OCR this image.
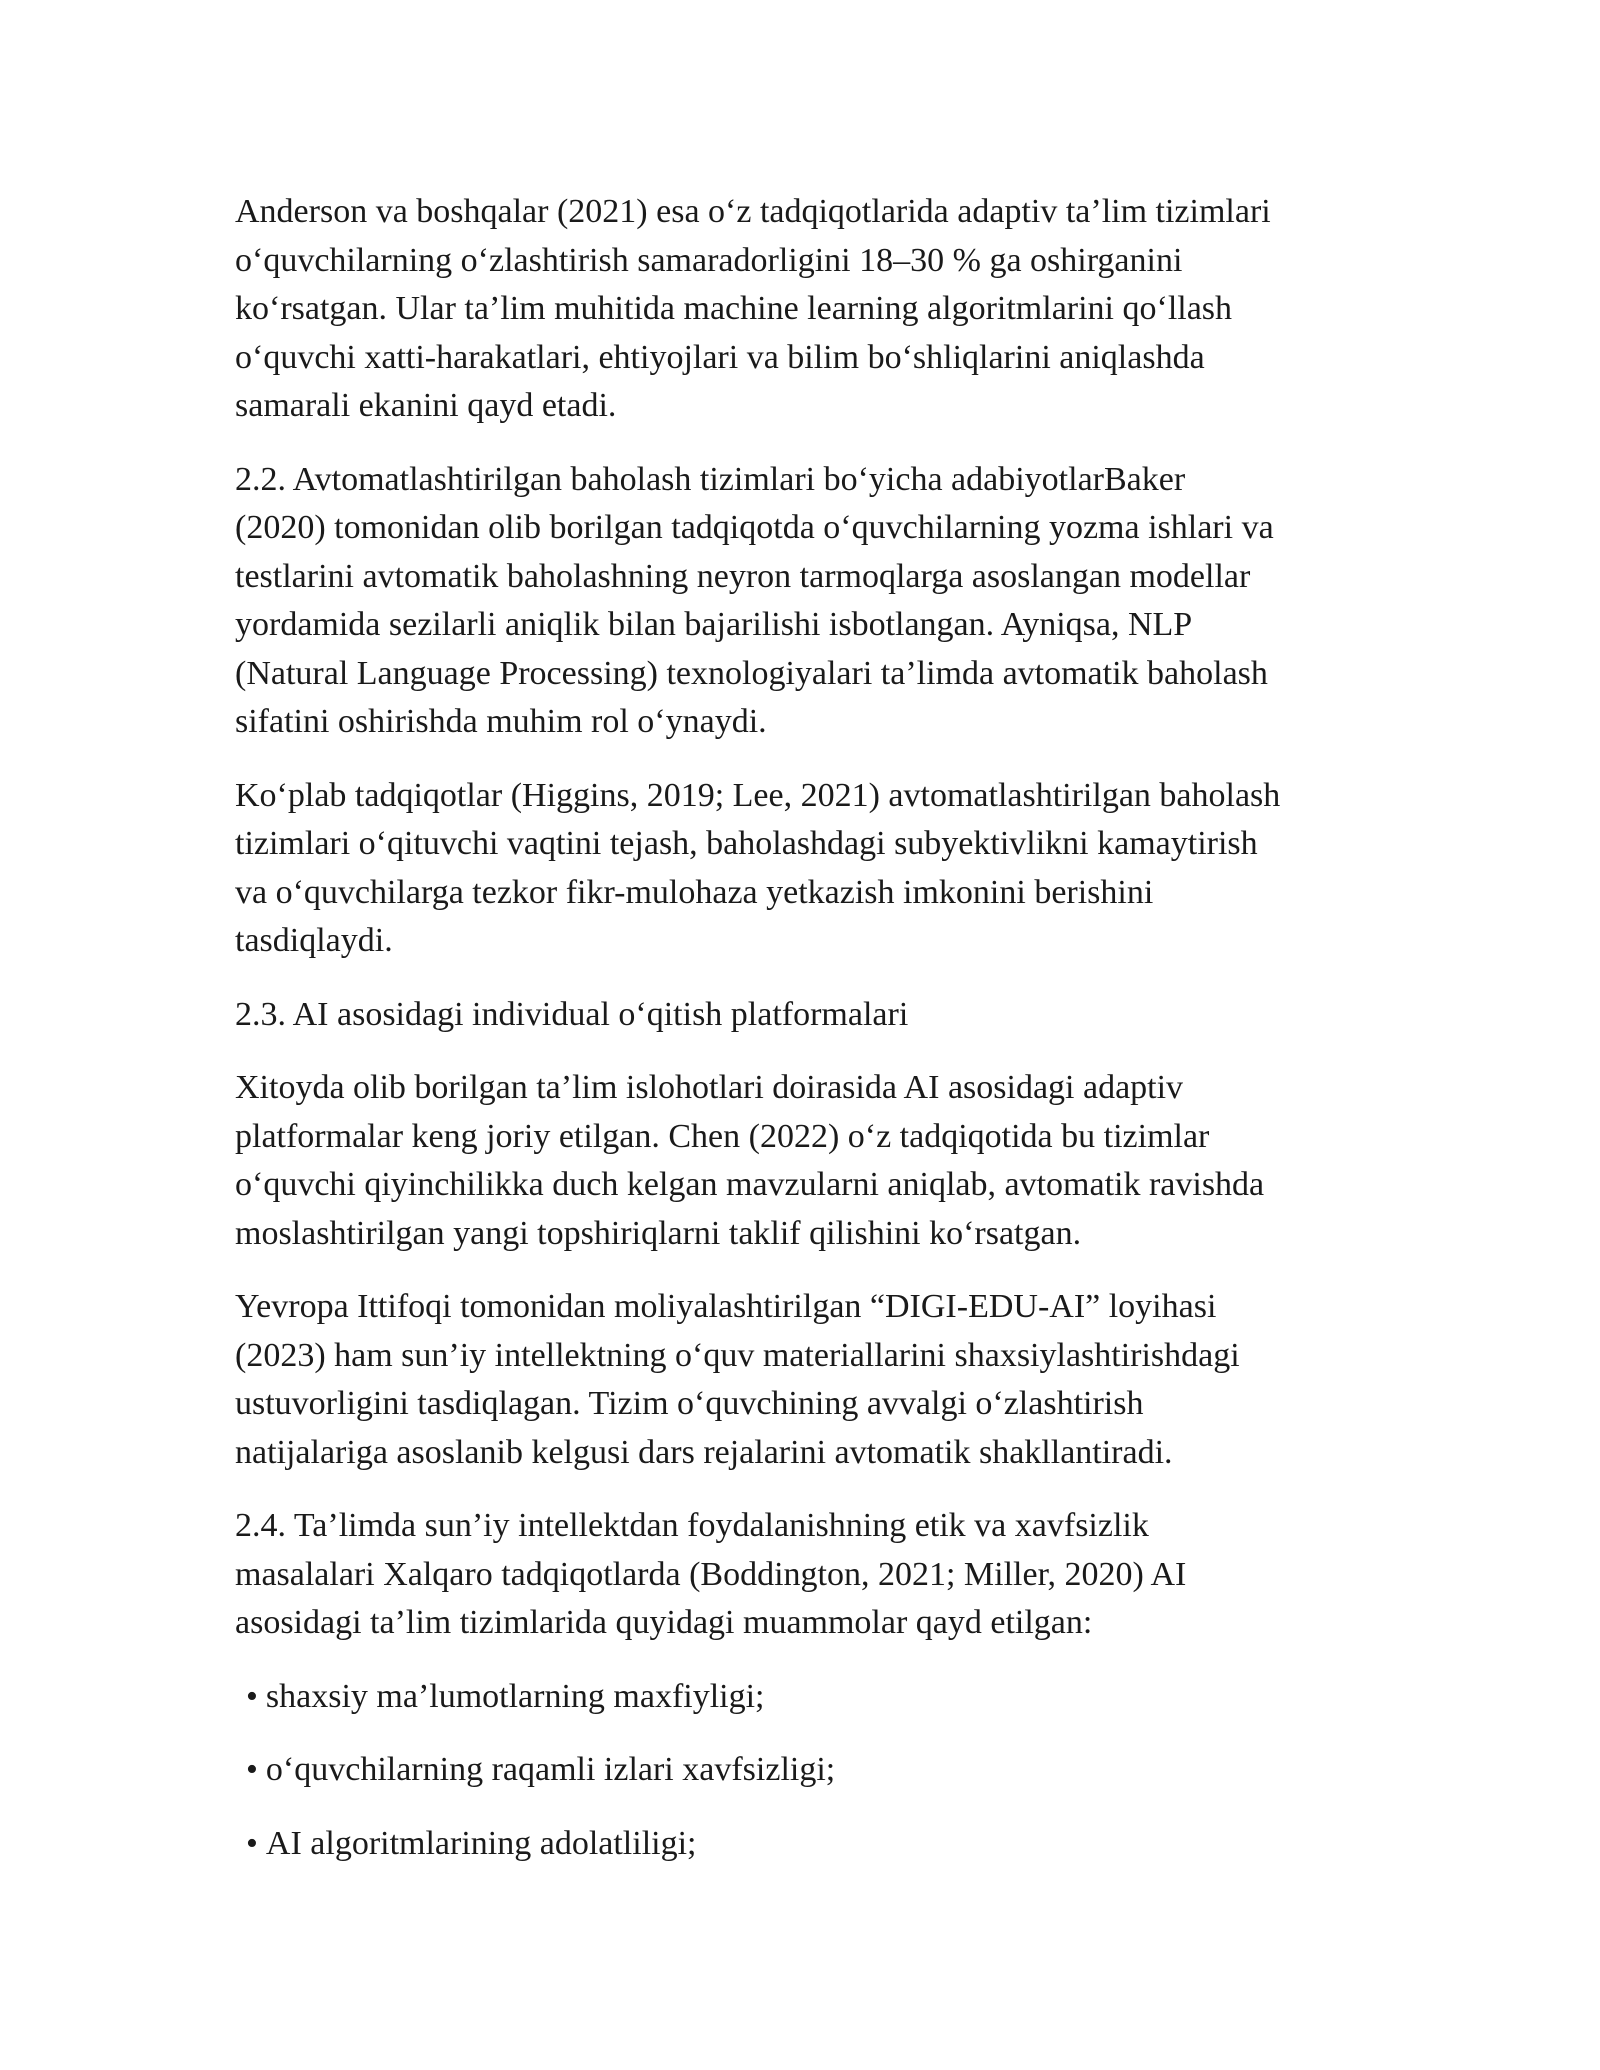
Anderson va boshqalar (2021) esa o‘z tadqiqotlarida adaptiv ta’lim tizimlari
o‘quvchilarning o‘zlashtirish samaradorligini 18–30 % ga oshirganini
ko‘rsatgan. Ular ta’lim muhitida machine learning algoritmlarini qo‘llash
o‘quvchi xatti-harakatlari, ehtiyojlari va bilim bo‘shliqlarini aniqlashda
samarali ekanini qayd etadi.
2.2. Avtomatlashtirilgan baholash tizimlari bo‘yicha adabiyotlarBaker
(2020) tomonidan olib borilgan tadqiqotda o‘quvchilarning yozma ishlari va
testlarini avtomatik baholashning neyron tarmoqlarga asoslangan modellar
yordamida sezilarli aniqlik bilan bajarilishi isbotlangan. Ayniqsa, NLP
(Natural Language Processing) texnologiyalari ta’limda avtomatik baholash
sifatini oshirishda muhim rol o‘ynaydi.
Ko‘plab tadqiqotlar (Higgins, 2019; Lee, 2021) avtomatlashtirilgan baholash
tizimlari o‘qituvchi vaqtini tejash, baholashdagi subyektivlikni kamaytirish
va o‘quvchilarga tezkor fikr-mulohaza yetkazish imkonini berishini
tasdiqlaydi.
2.3. AI asosidagi individual o‘qitish platformalari
Xitoyda olib borilgan ta’lim islohotlari doirasida AI asosidagi adaptiv
platformalar keng joriy etilgan. Chen (2022) o‘z tadqiqotida bu tizimlar
o‘quvchi qiyinchilikka duch kelgan mavzularni aniqlab, avtomatik ravishda
moslashtirilgan yangi topshiriqlarni taklif qilishini ko‘rsatgan.
Yevropa Ittifoqi tomonidan moliyalashtirilgan “DIGI-EDU-AI” loyihasi
(2023) ham sun’iy intellektning o‘quv materiallarini shaxsiylashtirishdagi
ustuvorligini tasdiqlagan. Tizim o‘quvchining avvalgi o‘zlashtirish
natijalariga asoslanib kelgusi dars rejalarini avtomatik shakllantiradi.
2.4. Ta’limda sun’iy intellektdan foydalanishning etik va xavfsizlik
masalalari Xalqaro tadqiqotlarda (Boddington, 2021; Miller, 2020) AI
asosidagi ta’lim tizimlarida quyidagi muammolar qayd etilgan:
• shaxsiy ma’lumotlarning maxfiyligi;
• o‘quvchilarning raqamli izlari xavfsizligi;
• AI algoritmlarining adolatliligi;
